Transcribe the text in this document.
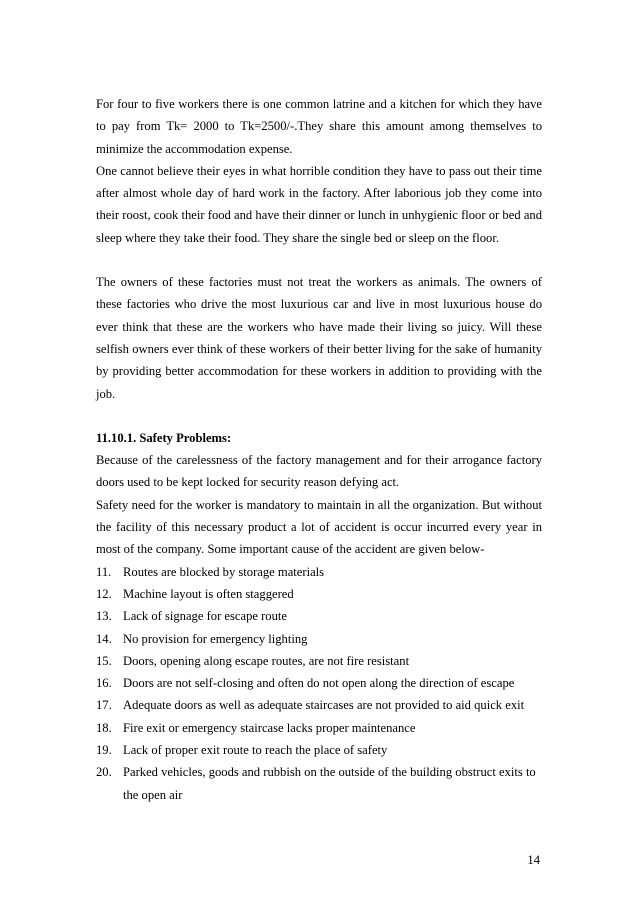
For four to five workers there is one common latrine and a kitchen for which they have to pay from Tk= 2000 to Tk=2500/-.They share this amount among themselves to minimize the accommodation expense.

One cannot believe their eyes in what horrible condition they have to pass out their time after almost whole day of hard work in the factory. After laborious job they come into their roost, cook their food and have their dinner or lunch in unhygienic floor or bed and sleep where they take their food. They share the single bed or sleep on the floor.

The owners of these factories must not treat the workers as animals. The owners of these factories who drive the most luxurious car and live in most luxurious house do ever think that these are the workers who have made their living so juicy. Will these selfish owners ever think of these workers of their better living for the sake of humanity by providing better accommodation for these workers in addition to providing with the job.

11.10.1. Safety Problems:

Because of the carelessness of the factory management and for their arrogance factory doors used to be kept locked for security reason defying act.

Safety need for the worker is mandatory to maintain in all the organization. But without the facility of this necessary product a lot of accident is occur incurred every year in most of the company. Some important cause of the accident are given below-

11. Routes are blocked by storage materials
12. Machine layout is often staggered
13. Lack of signage for escape route
14. No provision for emergency lighting
15. Doors, opening along escape routes, are not fire resistant
16. Doors are not self-closing and often do not open along the direction of escape
17. Adequate doors as well as adequate staircases are not provided to aid quick exit
18. Fire exit or emergency staircase lacks proper maintenance
19. Lack of proper exit route to reach the place of safety
20. Parked vehicles, goods and rubbish on the outside of the building obstruct exits to the open air
14
